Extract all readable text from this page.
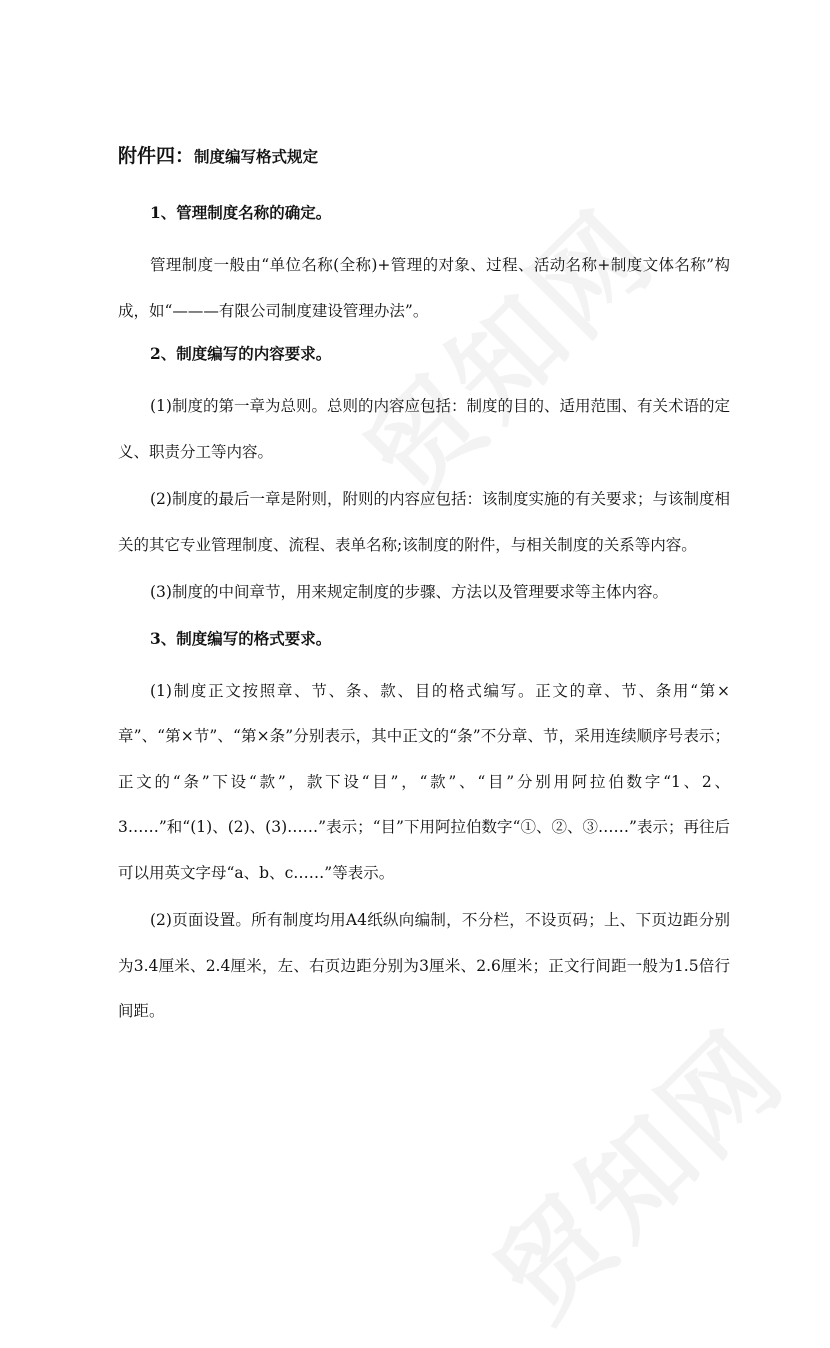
附件四：制度编写格式规定

1、管理制度名称的确定。

管理制度一般由“单位名称(全称)+管理的对象、过程、活动名称+制度文体名称”构成，如“———有限公司制度建设管理办法”。

2、制度编写的内容要求。

(1)制度的第一章为总则。总则的内容应包括：制度的目的、适用范围、有关术语的定义、职责分工等内容。

(2)制度的最后一章是附则，附则的内容应包括：该制度实施的有关要求；与该制度相关的其它专业管理制度、流程、表单名称;该制度的附件，与相关制度的关系等内容。

(3)制度的中间章节，用来规定制度的步骤、方法以及管理要求等主体内容。

3、制度编写的格式要求。

(1)制度正文按照章、节、条、款、目的格式编写。正文的章、节、条用“第×章”、“第×节”、“第×条”分别表示，其中正文的“条”不分章、节，采用连续顺序号表示；正文的“条”下设“款”，款下设“目”，“款”、“目”分别用阿拉伯数字“1、2、3……”和“(1)、(2)、(3)……”表示；“目”下用阿拉伯数字“①、②、③……”表示；再往后可以用英文字母“a、b、c……”等表示。

(2)页面设置。所有制度均用A4纸纵向编制，不分栏，不设页码；上、下页边距分别为3.4厘米、2.4厘米，左、右页边距分别为3厘米、2.6厘米；正文行间距一般为1.5倍行间距。
